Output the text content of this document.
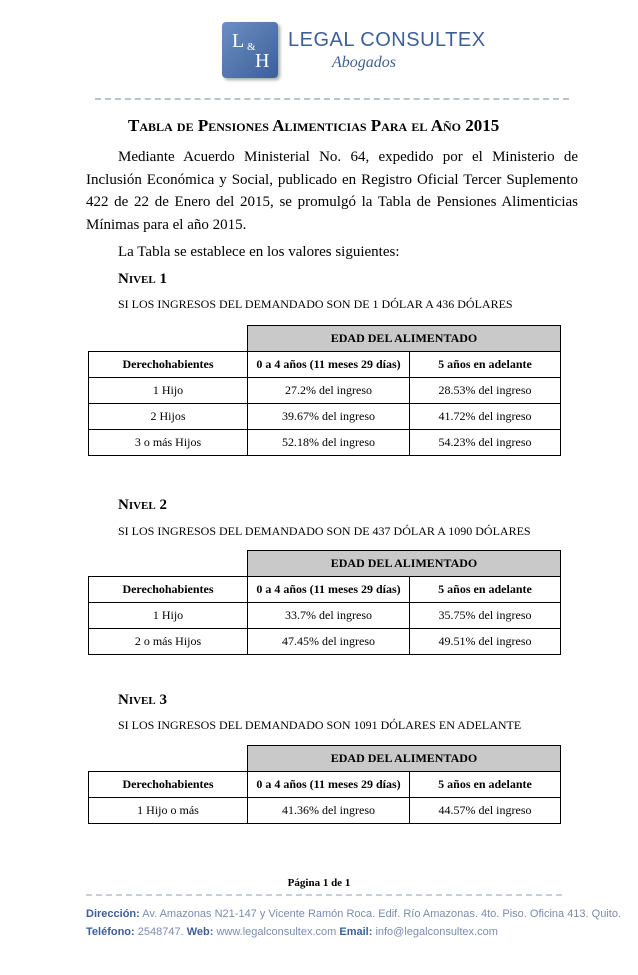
L &
H
LEGAL CONSULTEX
Abogados
Tabla de Pensiones Alimenticias Para el Año 2015
Mediante Acuerdo Ministerial No. 64, expedido por el Ministerio de Inclusión Económica y Social, publicado en Registro Oficial Tercer Suplemento 422 de 22 de Enero del 2015, se promulgó la Tabla de Pensiones Alimenticias Mínimas para el año 2015.
La Tabla se establece en los valores siguientes:
Nivel 1
SI LOS INGRESOS DEL DEMANDADO SON DE 1 DÓLAR A 436 DÓLARES
	EDAD DEL ALIMENTADO	
Derechohabientes	0 a 4 años (11 meses 29 días)	5 años en adelante
1 Hijo	27.2% del ingreso	28.53% del ingreso
2 Hijos	39.67% del ingreso	41.72% del ingreso
3 o más Hijos	52.18% del ingreso	54.23% del ingreso
Nivel 2
SI LOS INGRESOS DEL DEMANDADO SON DE 437 DÓLAR A 1090 DÓLARES
	EDAD DEL ALIMENTADO	
Derechohabientes	0 a 4 años (11 meses 29 días)	5 años en adelante
1 Hijo	33.7% del ingreso	35.75% del ingreso
2 o más Hijos	47.45% del ingreso	49.51% del ingreso
Nivel 3
SI LOS INGRESOS DEL DEMANDADO SON 1091 DÓLARES EN ADELANTE
	EDAD DEL ALIMENTADO	
Derechohabientes	0 a 4 años (11 meses 29 días)	5 años en adelante
1 Hijo o más	41.36% del ingreso	44.57% del ingreso
Página 1 de 1
Dirección: Av. Amazonas N21-147 y Vicente Ramón Roca. Edif. Río Amazonas. 4to. Piso. Oficina 413. Quito.
Teléfono: 2548747. Web: www.legalconsultex.com Email: info@legalconsultex.com
